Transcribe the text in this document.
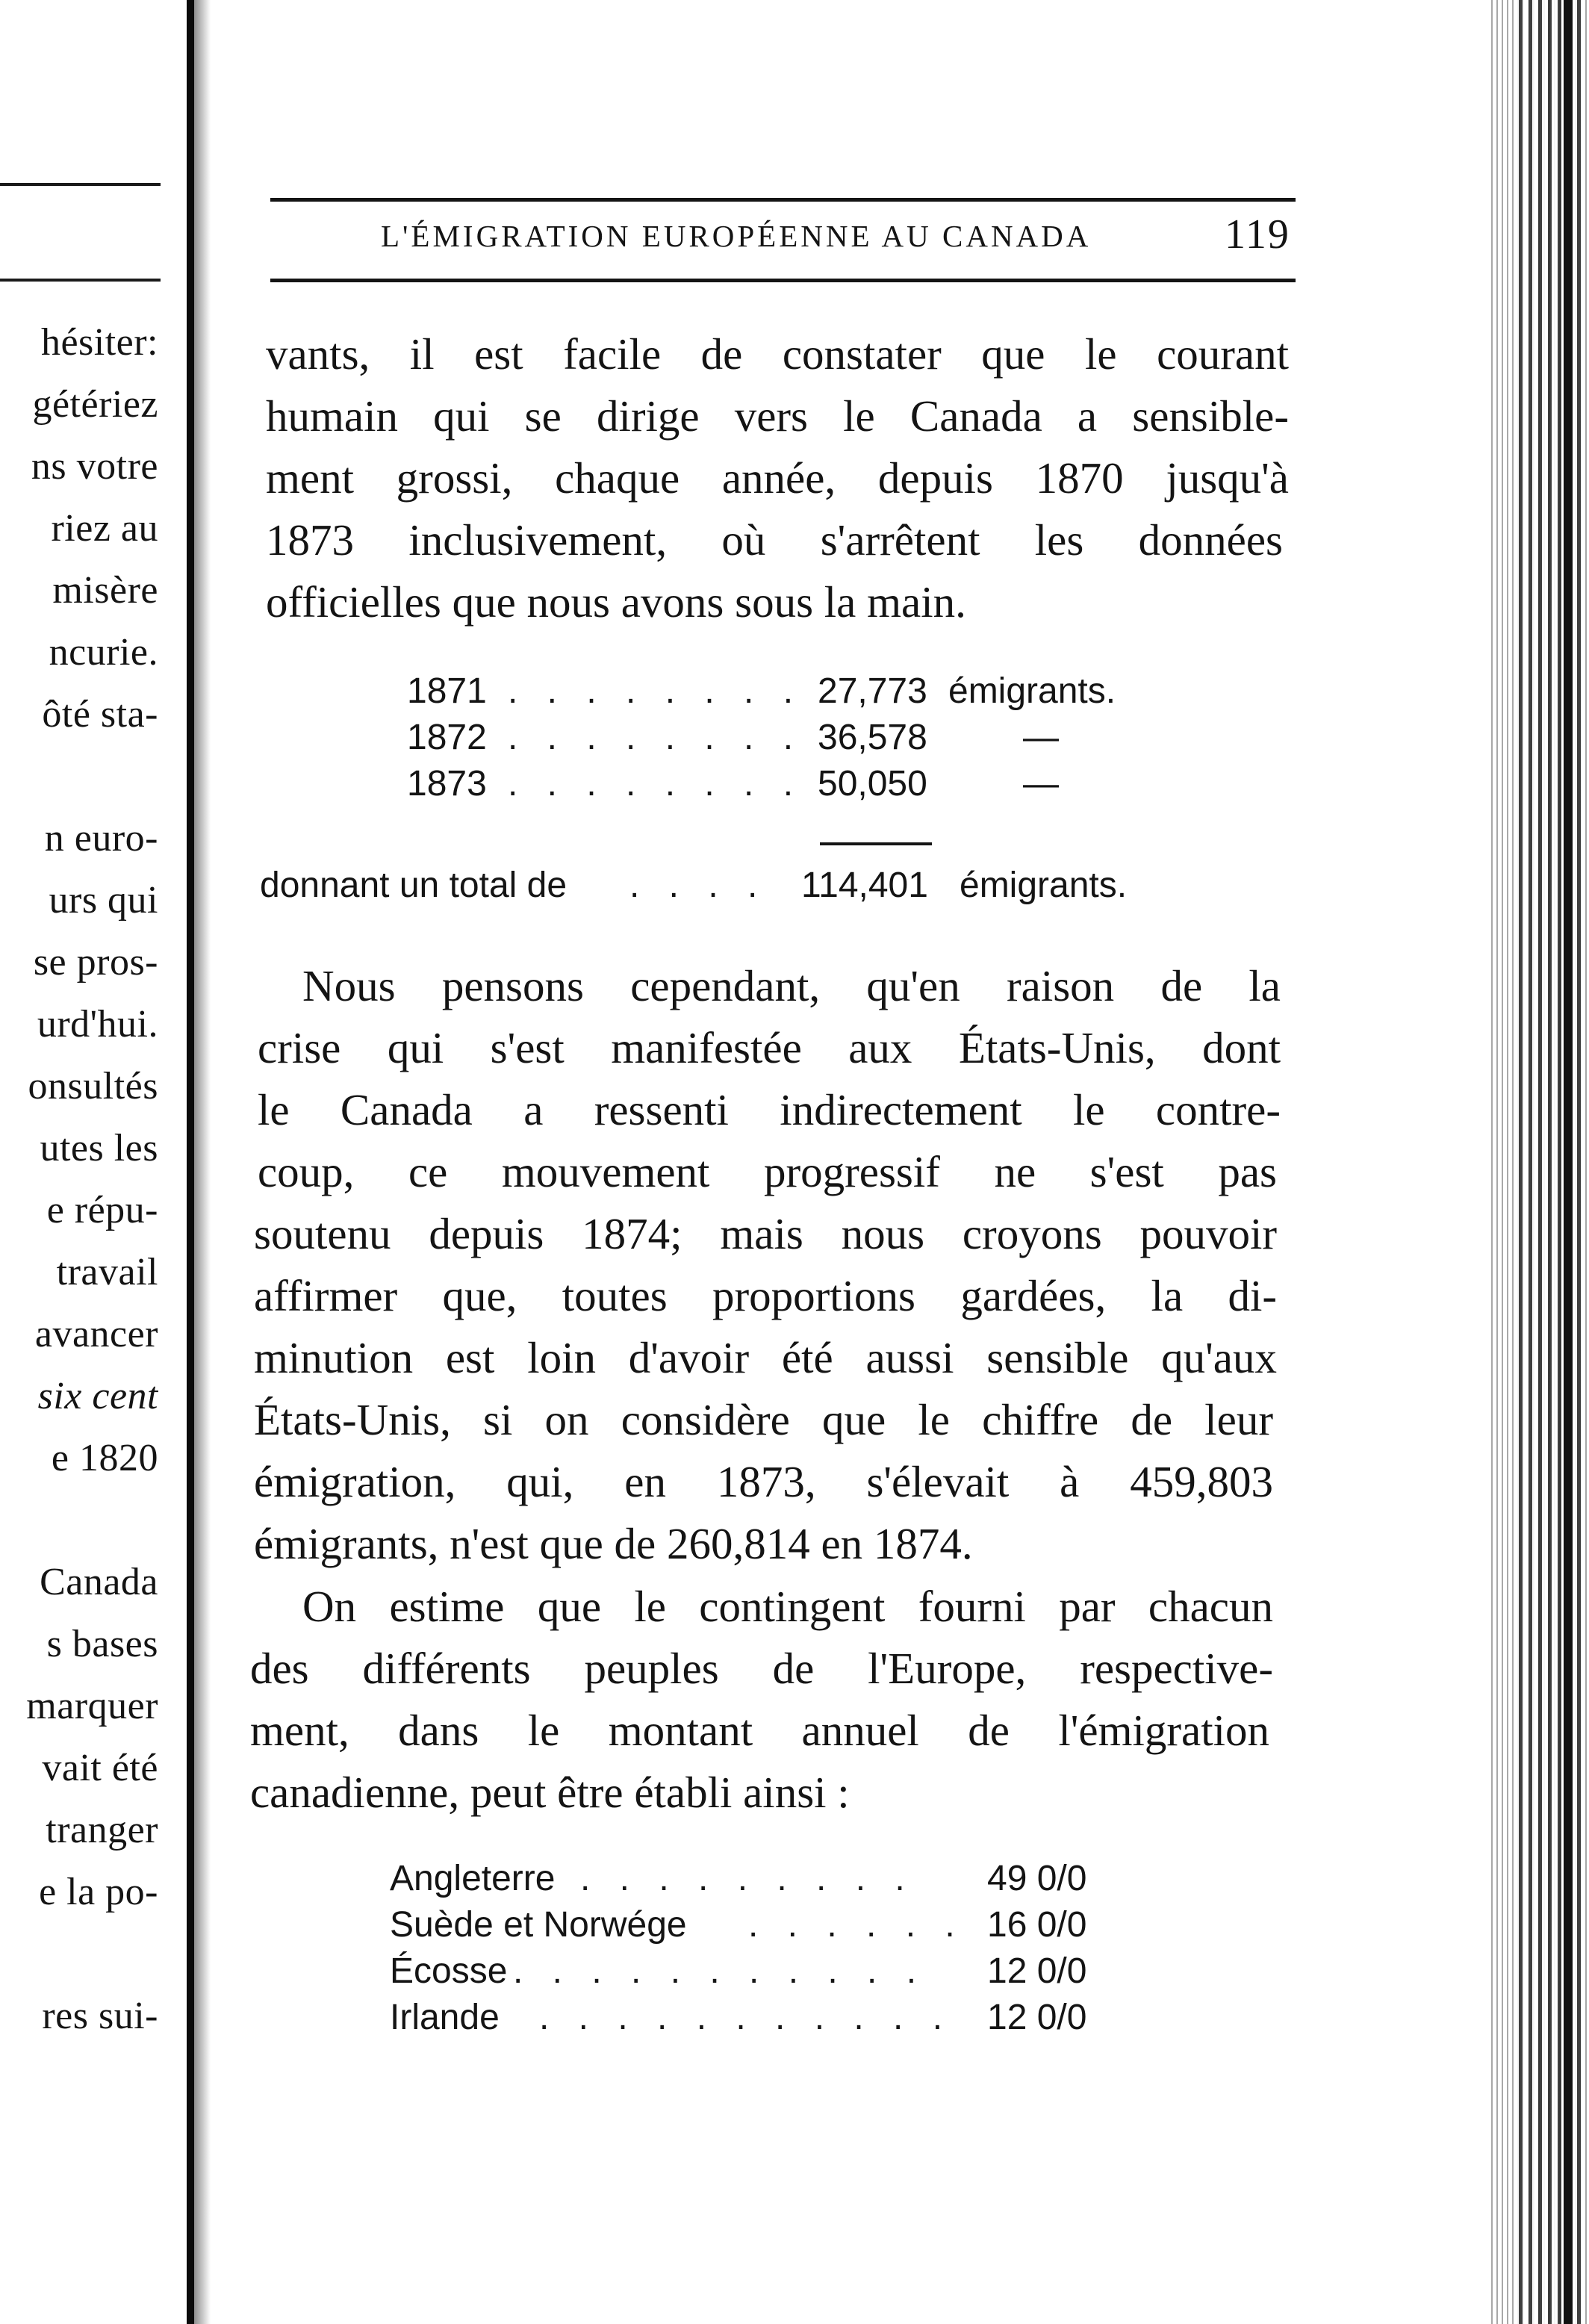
hésiter:
gétériez
ns votre
riez au
misère
ncurie.
ôté sta-
n euro-
urs qui
se pros-
urd'hui.
onsultés
utes les
e répu-
travail
avancer
six cent
e 1820
Canada
s bases
marquer
vait été
tranger
e la po-
res sui-
L'ÉMIGRATION EUROPÉENNE AU CANADA	119
vants, il est facile de constater que le courant
humain qui se dirige vers le Canada a sensible-
ment grossi, chaque année, depuis 1870 jusqu'à
1873 inclusivement, où s'arrêtent les données
officielles que nous avons sous la main.
1871 . . . . . . . . 27,773 émigrants.
1872 . . . . . . . . 36,578	—
1873 . . . . . . . . 50,050	—
donnant un total de . . . . 114,401 émigrants.
Nous pensons cependant, qu'en raison de la
crise qui s'est manifestée aux États-Unis, dont
le Canada a ressenti indirectement le contre-
coup, ce mouvement progressif ne s'est pas
soutenu depuis 1874; mais nous croyons pouvoir
affirmer que, toutes proportions gardées, la di-
minution est loin d'avoir été aussi sensible qu'aux
États-Unis, si on considère que le chiffre de leur
émigration, qui, en 1873, s'élevait à 459,803
émigrants, n'est que de 260,814 en 1874.
On estime que le contingent fourni par chacun
des différents peuples de l'Europe, respective-
ment, dans le montant annuel de l'émigration
canadienne, peut être établi ainsi :
Angleterre . . . . . . . . . 49 0/0
Suède et Norwége . . . . . . 16 0/0
Écosse . . . . . . . . . . . 12 0/0
Irlande . . . . . . . . . . . 12 0/0
